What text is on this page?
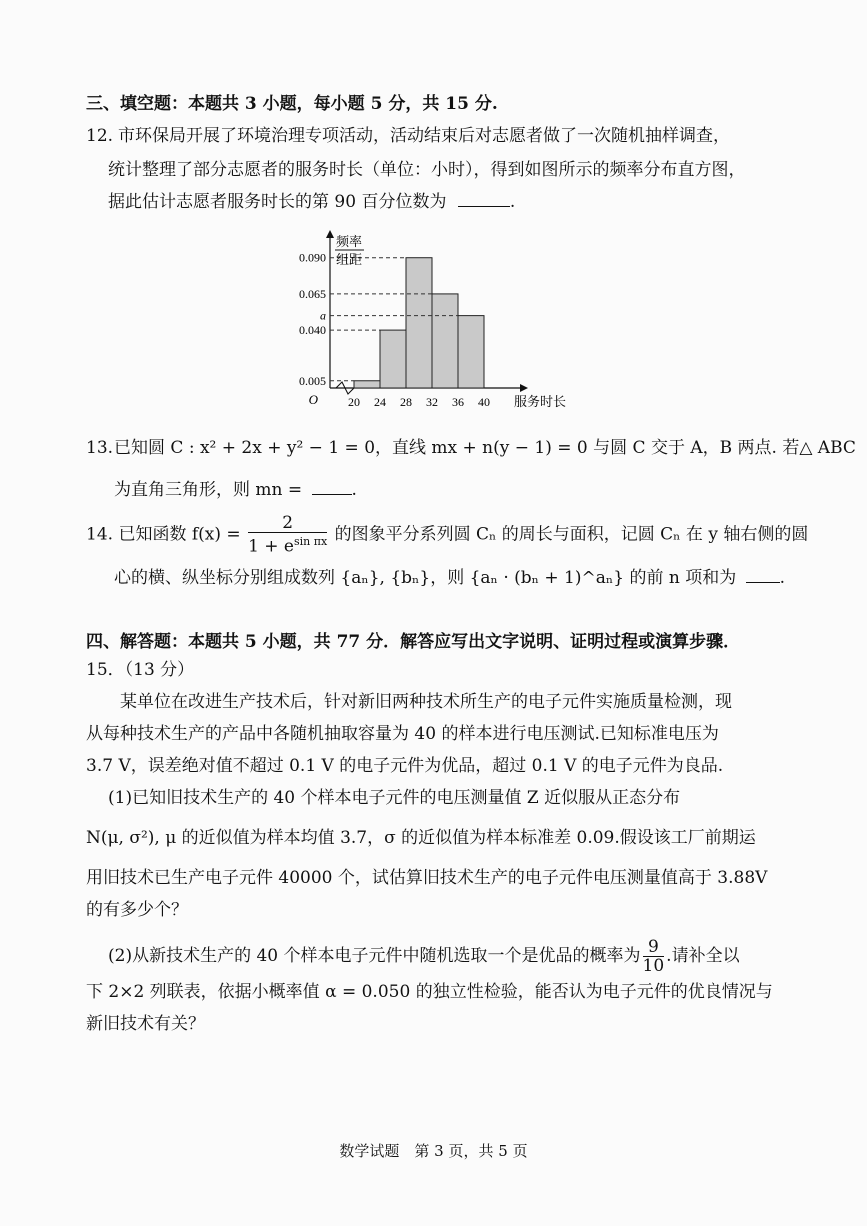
三、填空题：本题共 3 小题，每小题 5 分，共 15 分.
12. 市环保局开展了环境治理专项活动，活动结束后对志愿者做了一次随机抽样调查，
统计整理了部分志愿者的服务时长（单位：小时），得到如图所示的频率分布直方图，
据此估计志愿者服务时长的第 90 百分位数为	.
0.090
0.065
a
0.040
0.005
20 24 28 32 36 40
O	服务时长
频率
组距
13. 已知圆 C : x² + 2x + y² − 1 = 0，直线 mx + n(y − 1) = 0 与圆 C 交于 A，B 两点. 若△ ABC
为直角三角形，则 mn =	.
14. 已知函数 $f(x) = \frac{2}{1 + e^{sin \pi x}}$ 的图象平分系列圆 Cₙ 的周长与面积，记圆 Cₙ 在 y 轴右侧的圆
心的横、纵坐标分别组成数列 {aₙ}, {bₙ}，则 {aₙ · (bₙ + 1)^aₙ} 的前 n 项和为	.
四、解答题：本题共 5 小题，共 77 分．解答应写出文字说明、证明过程或演算步骤．
15．（13 分）
某单位在改进生产技术后，针对新旧两种技术所生产的电子元件实施质量检测，现
从每种技术生产的产品中各随机抽取容量为 40 的样本进行电压测试.已知标准电压为
3.7 V，误差绝对值不超过 0.1 V 的电子元件为优品，超过 0.1 V 的电子元件为良品.
(1)已知旧技术生产的 40 个样本电子元件的电压测量值 Z 近似服从正态分布
N(μ, σ²), μ 的近似值为样本均值 3.7，σ 的近似值为样本标准差 0.09.假设该工厂前期运
用旧技术已生产电子元件 40000 个，试估算旧技术生产的电子元件电压测量值高于 3.88V
的有多少个？
(2)从新技术生产的 40 个样本电子元件中随机选取一个是优品的概率为 $\frac{9}{10}$ .请补全以
下 2×2 列联表，依据小概率值 α = 0.050 的独立性检验，能否认为电子元件的优良情况与
新旧技术有关？
数学试题　第 3 页，共 5 页
